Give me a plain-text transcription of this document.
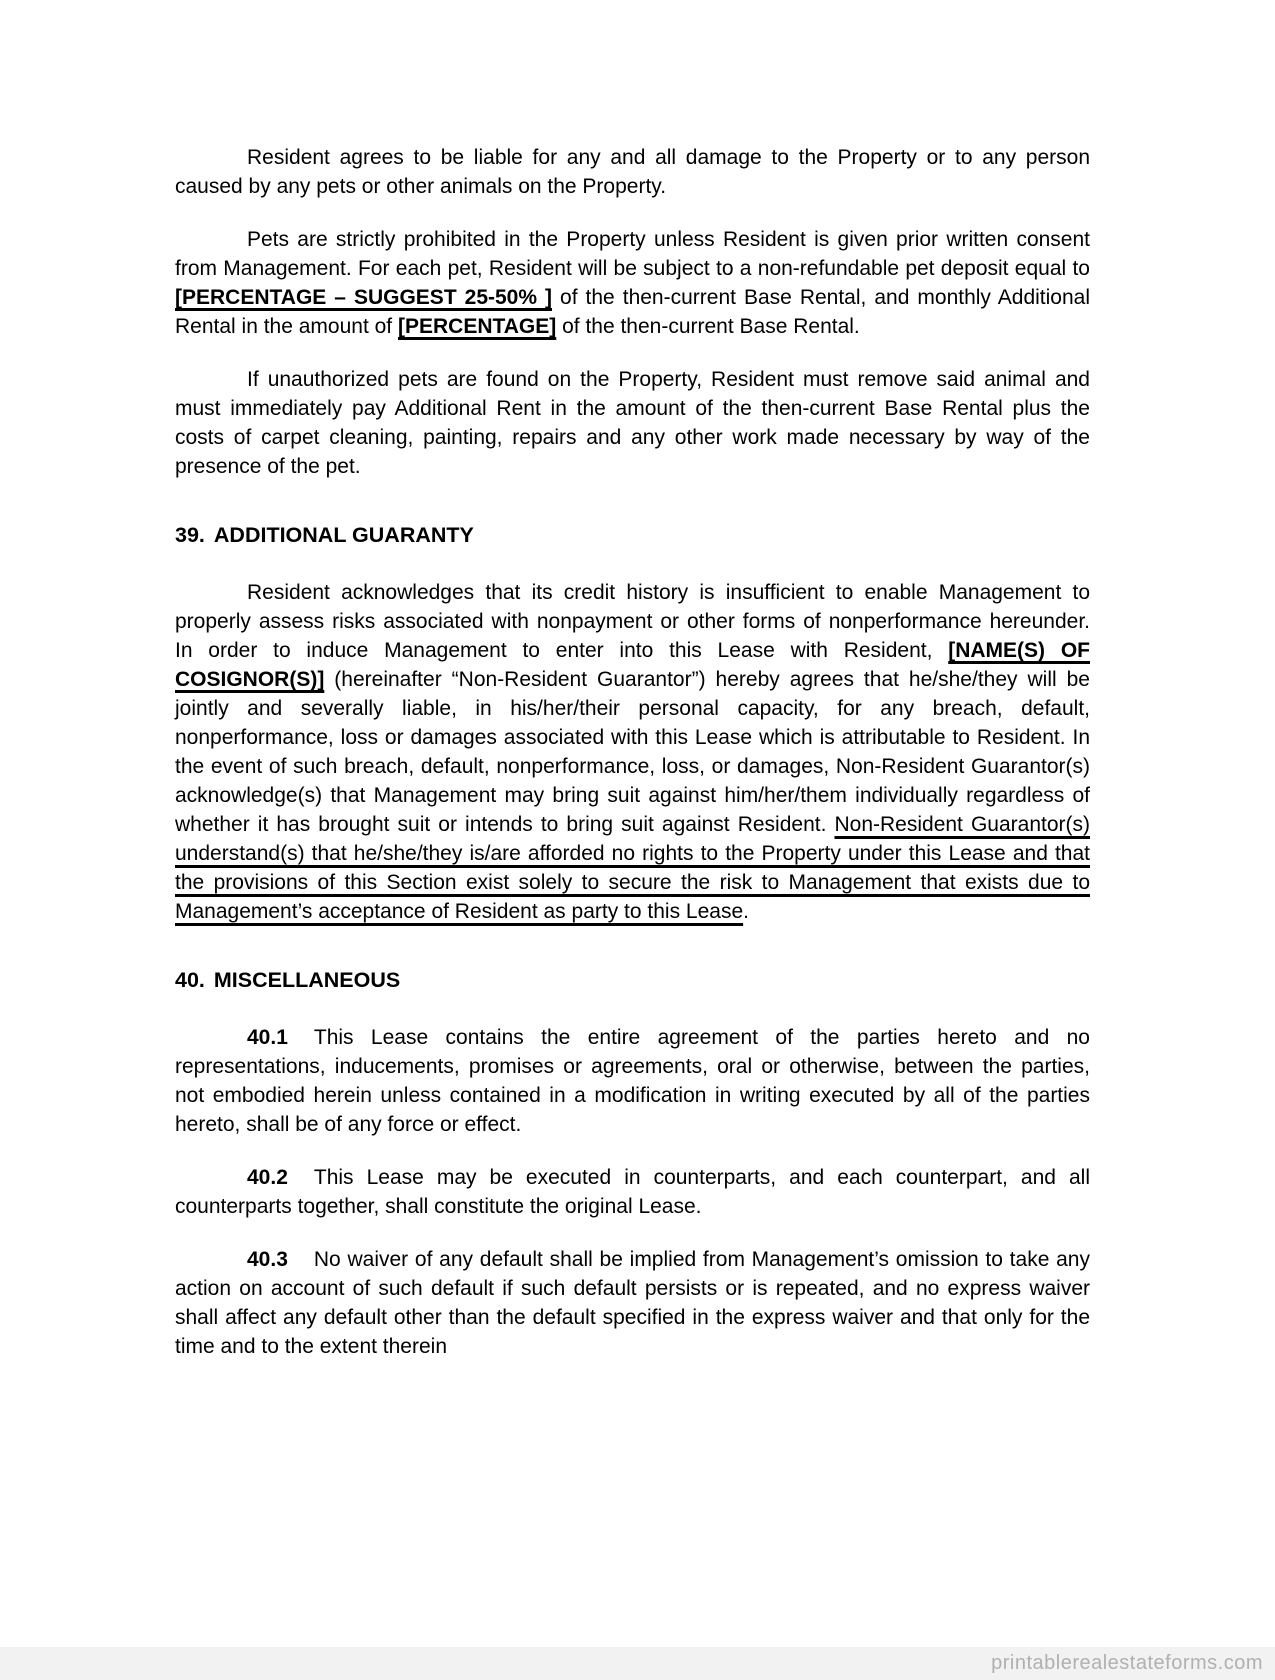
Resident agrees to be liable for any and all damage to the Property or to any person caused by any pets or other animals on the Property.

Pets are strictly prohibited in the Property unless Resident is given prior written consent from Management. For each pet, Resident will be subject to a non-refundable pet deposit equal to [PERCENTAGE – SUGGEST 25-50% ] of the then-current Base Rental, and monthly Additional Rental in the amount of [PERCENTAGE] of the then-current Base Rental.

If unauthorized pets are found on the Property, Resident must remove said animal and must immediately pay Additional Rent in the amount of the then-current Base Rental plus the costs of carpet cleaning, painting, repairs and any other work made necessary by way of the presence of the pet.

39. ADDITIONAL GUARANTY

Resident acknowledges that its credit history is insufficient to enable Management to properly assess risks associated with nonpayment or other forms of nonperformance hereunder. In order to induce Management to enter into this Lease with Resident, [NAME(S) OF COSIGNOR(S)] (hereinafter “Non-Resident Guarantor”) hereby agrees that he/she/they will be jointly and severally liable, in his/her/their personal capacity, for any breach, default, nonperformance, loss or damages associated with this Lease which is attributable to Resident. In the event of such breach, default, nonperformance, loss, or damages, Non-Resident Guarantor(s) acknowledge(s) that Management may bring suit against him/her/them individually regardless of whether it has brought suit or intends to bring suit against Resident. Non-Resident Guarantor(s) understand(s) that he/she/they is/are afforded no rights to the Property under this Lease and that the provisions of this Section exist solely to secure the risk to Management that exists due to Management’s acceptance of Resident as party to this Lease.

40. MISCELLANEOUS

40.1 This Lease contains the entire agreement of the parties hereto and no representations, inducements, promises or agreements, oral or otherwise, between the parties, not embodied herein unless contained in a modification in writing executed by all of the parties hereto, shall be of any force or effect.

40.2 This Lease may be executed in counterparts, and each counterpart, and all counterparts together, shall constitute the original Lease.

40.3 No waiver of any default shall be implied from Management’s omission to take any action on account of such default if such default persists or is repeated, and no express waiver shall affect any default other than the default specified in the express waiver and that only for the time and to the extent therein

printablerealestateforms.com
